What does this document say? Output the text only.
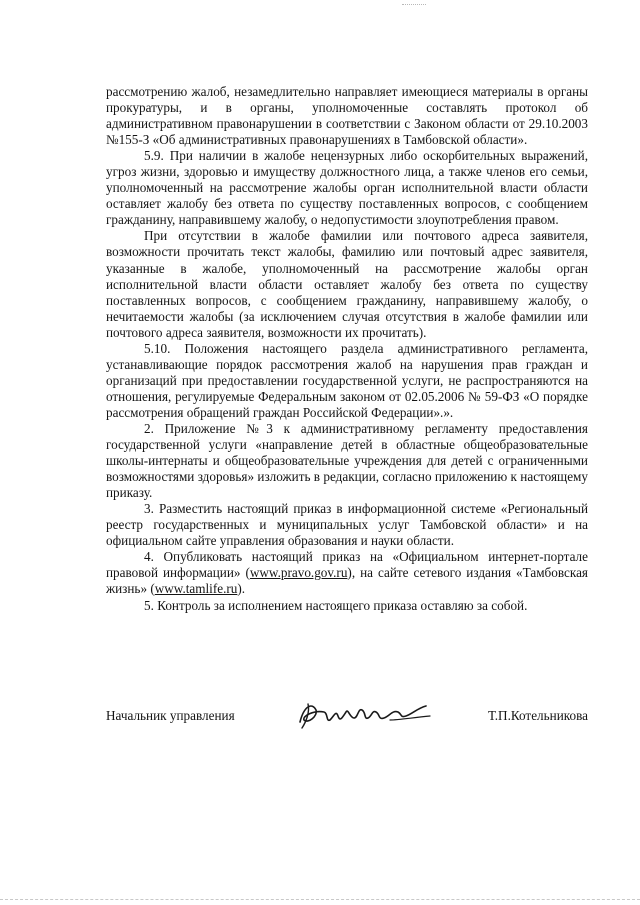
рассмотрению жалоб, незамедлительно направляет имеющиеся материалы в органы прокуратуры, и в органы, уполномоченные составлять протокол об административном правонарушении в соответствии с Законом области от 29.10.2003 №155-З «Об административных правонарушениях в Тамбовской области».

5.9. При наличии в жалобе нецензурных либо оскорбительных выражений, угроз жизни, здоровью и имуществу должностного лица, а также членов его семьи, уполномоченный на рассмотрение жалобы орган исполнительной власти области оставляет жалобу без ответа по существу поставленных вопросов, с сообщением гражданину, направившему жалобу, о недопустимости злоупотребления правом.

При отсутствии в жалобе фамилии или почтового адреса заявителя, возможности прочитать текст жалобы, фамилию или почтовый адрес заявителя, указанные в жалобе, уполномоченный на рассмотрение жалобы орган исполнительной власти области оставляет жалобу без ответа по существу поставленных вопросов, с сообщением гражданину, направившему жалобу, о нечитаемости жалобы (за исключением случая отсутствия в жалобе фамилии или почтового адреса заявителя, возможности их прочитать).

5.10. Положения настоящего раздела административного регламента, устанавливающие порядок рассмотрения жалоб на нарушения прав граждан и организаций при предоставлении государственной услуги, не распространяются на отношения, регулируемые Федеральным законом от 02.05.2006 № 59-ФЗ «О порядке рассмотрения обращений граждан Российской Федерации».».

2. Приложение №3 к административному регламенту предоставления государственной услуги «направление детей в областные общеобразовательные школы-интернаты и общеобразовательные учреждения для детей с ограниченными возможностями здоровья» изложить в редакции, согласно приложению к настоящему приказу.

3. Разместить настоящий приказ в информационной системе «Региональный реестр государственных и муниципальных услуг Тамбовской области» и на официальном сайте управления образования и науки области.

4. Опубликовать настоящий приказ на «Официальном интернет-портале правовой информации» (www.pravo.gov.ru), на сайте сетевого издания «Тамбовская жизнь» (www.tamlife.ru).

5. Контроль за исполнением настоящего приказа оставляю за собой.

Начальник управления	Т.П.Котельникова
